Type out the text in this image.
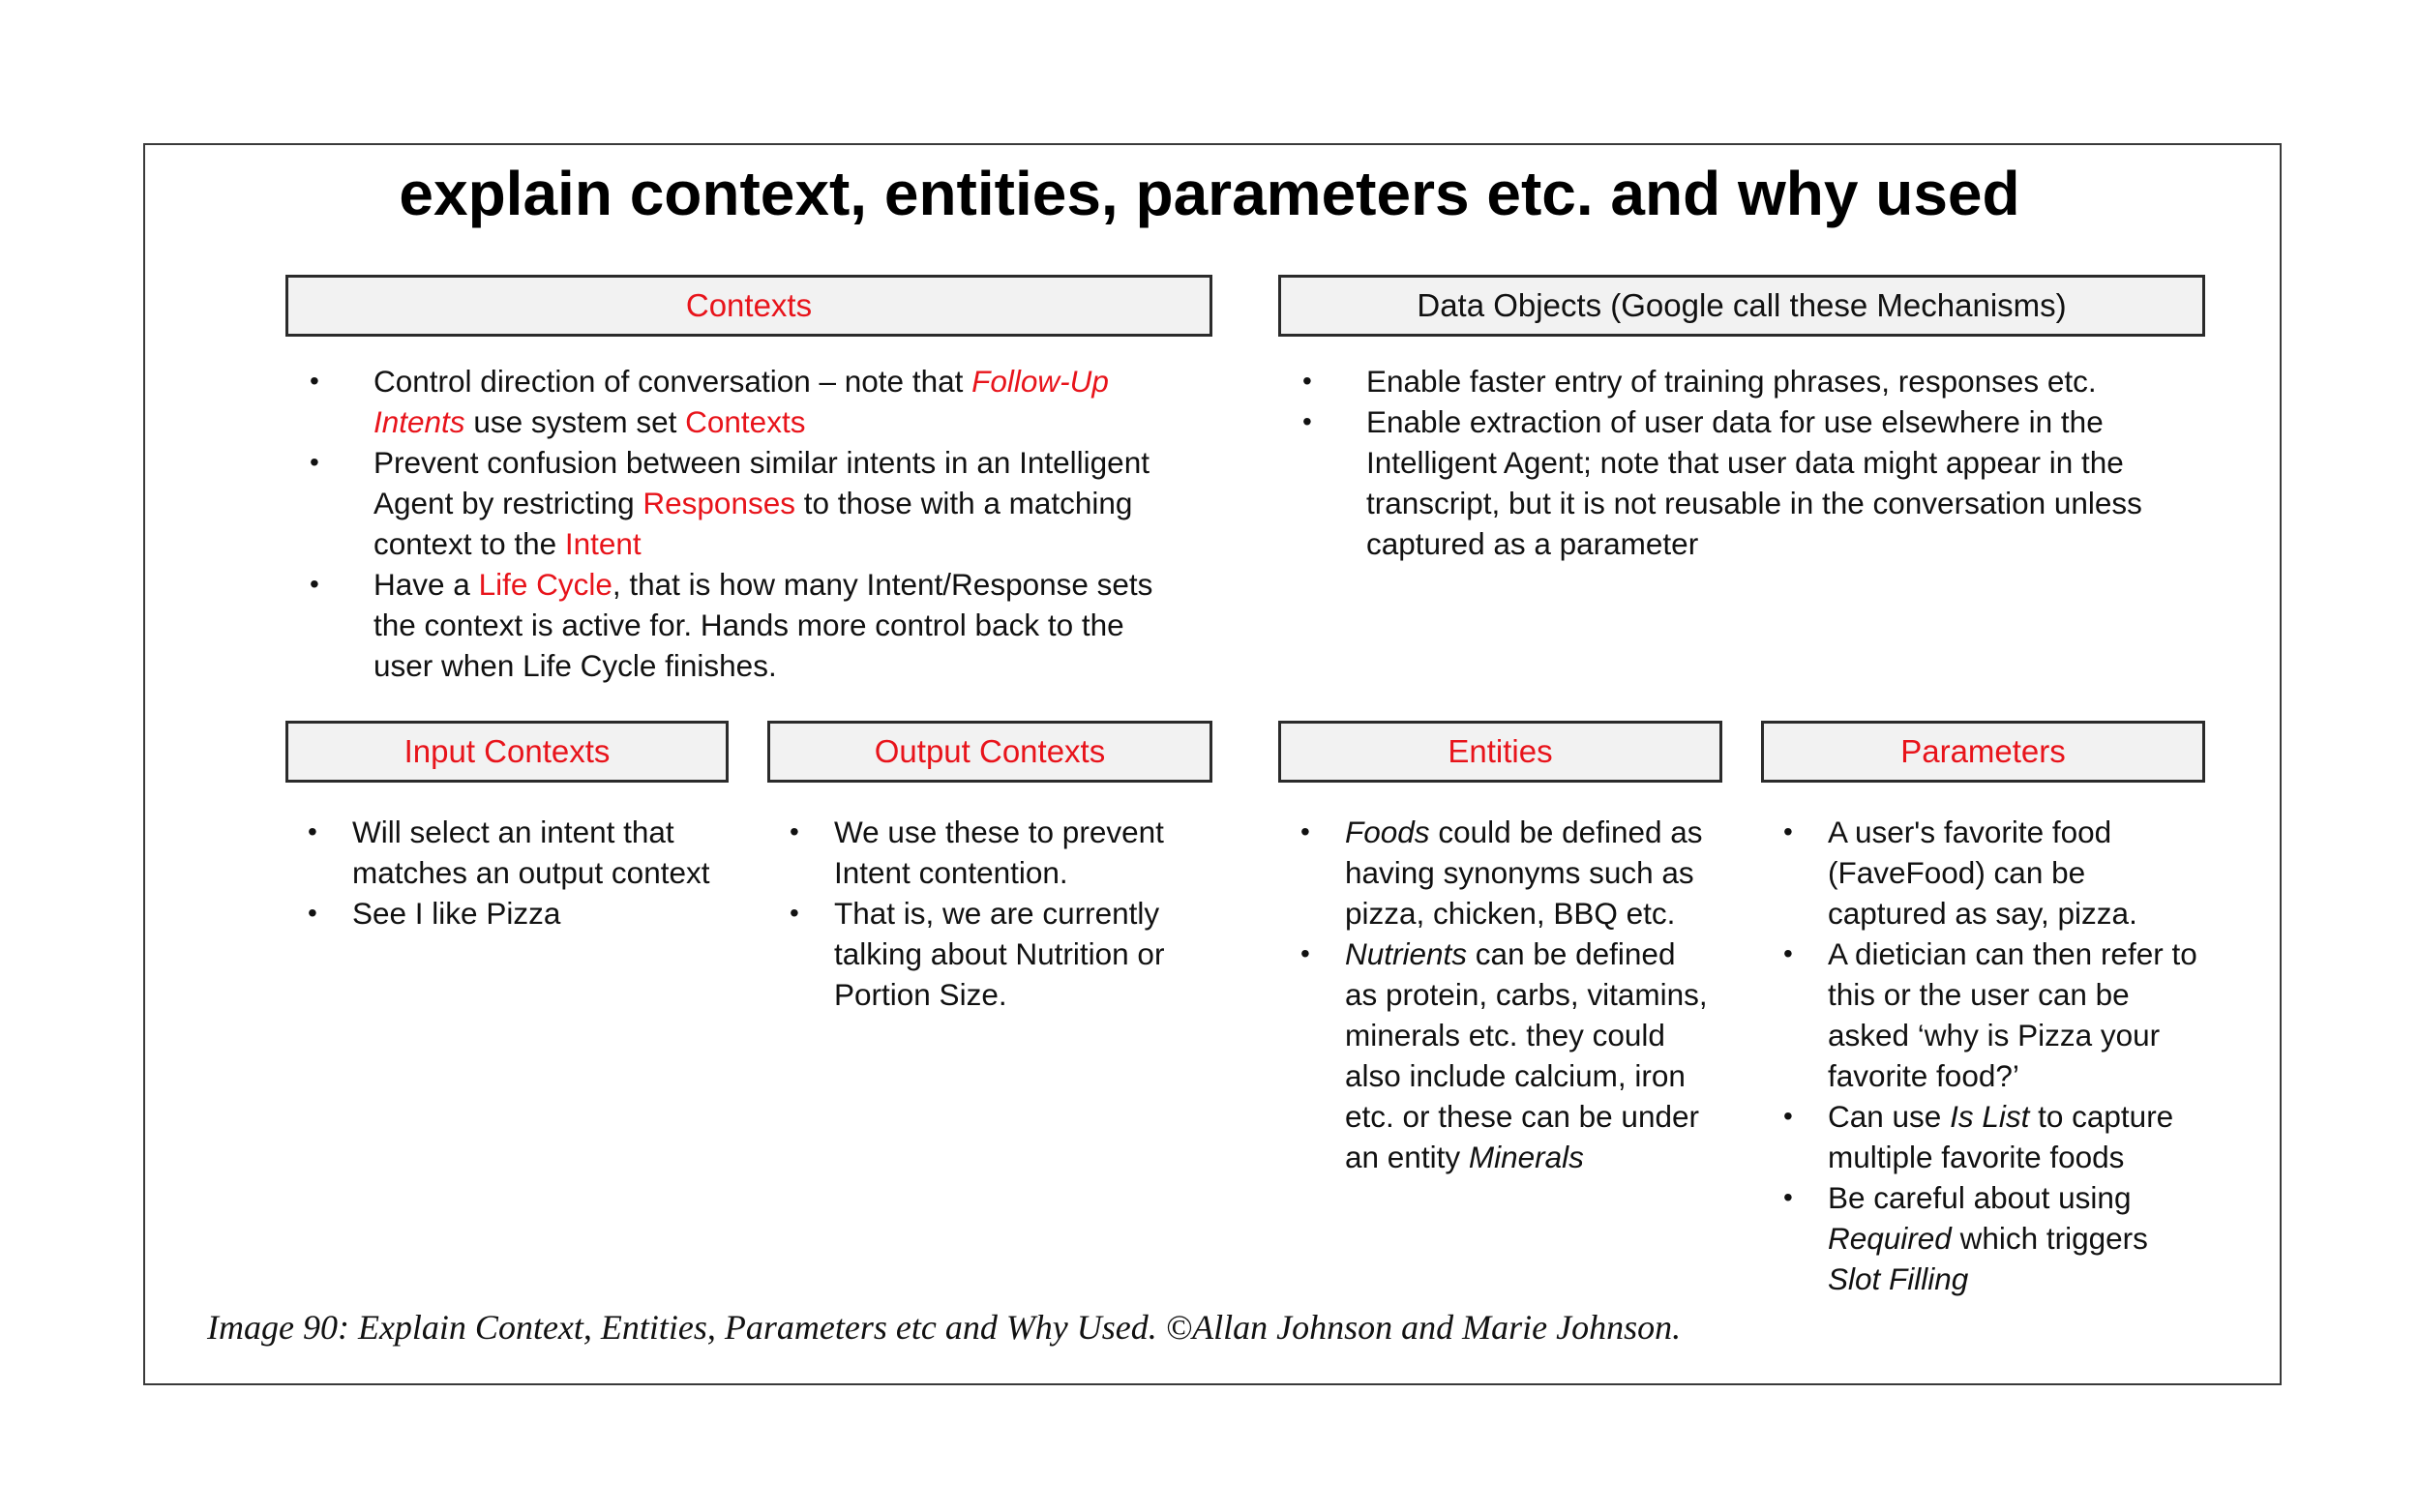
explain context, entities, parameters etc. and why used
Contexts	Data Objects (Google call these Mechanisms)
• Control direction of conversation – note that Follow-Up Intents use system set Contexts
• Prevent confusion between similar intents in an Intelligent Agent by restricting Responses to those with a matching context to the Intent
• Have a Life Cycle, that is how many Intent/Response sets the context is active for. Hands more control back to the user when Life Cycle finishes.
• Enable faster entry of training phrases, responses etc.
• Enable extraction of user data for use elsewhere in the Intelligent Agent; note that user data might appear in the transcript, but it is not reusable in the conversation unless captured as a parameter
Input Contexts	Output Contexts	Entities	Parameters
• Will select an intent that matches an output context
• See I like Pizza
• We use these to prevent Intent contention.
• That is, we are currently talking about Nutrition or Portion Size.
• Foods could be defined as having synonyms such as pizza, chicken, BBQ etc.
• Nutrients can be defined as protein, carbs, vitamins, minerals etc. they could also include calcium, iron etc. or these can be under an entity Minerals
• A user's favorite food (FaveFood) can be captured as say, pizza.
• A dietician can then refer to this or the user can be asked ‘why is Pizza your favorite food?’
• Can use Is List to capture multiple favorite foods
• Be careful about using Required which triggers Slot Filling
Image 90: Explain Context, Entities, Parameters etc and Why Used. ©Allan Johnson and Marie Johnson.
